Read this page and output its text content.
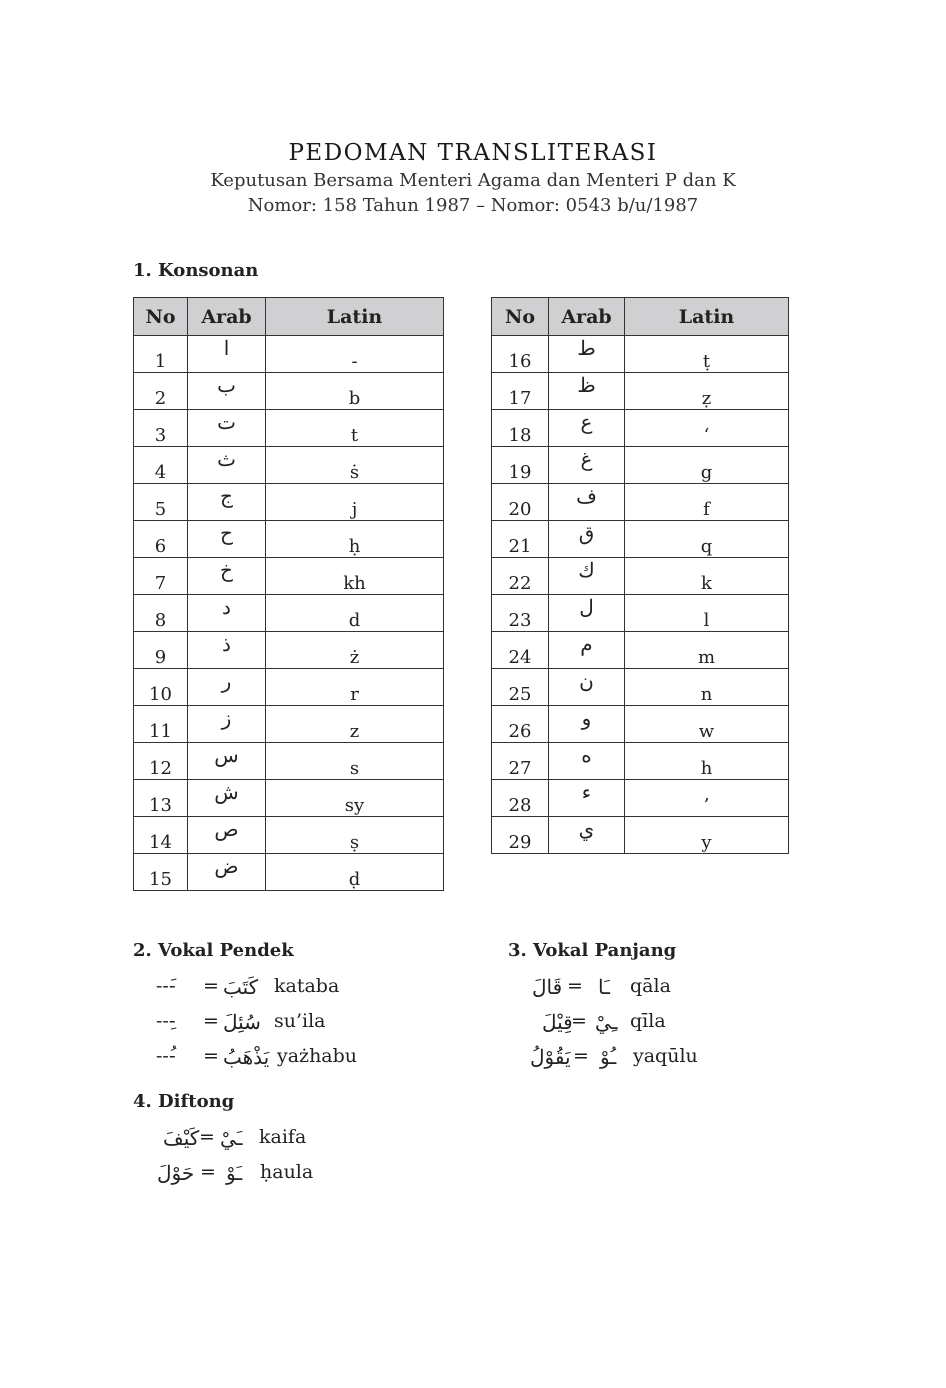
PEDOMAN TRANSLITERASI
Keputusan Bersama Menteri Agama dan Menteri P dan K
Nomor: 158 Tahun 1987 – Nomor: 0543 b/u/1987
1. Konsonan
No	Arab	Latin
1	ا	-
2	ب	b
3	ت	t
4	ث	ṡ
5	ج	j
6	ح	ḥ
7	خ	kh
8	د	d
9	ذ	ż
10	ر	r
11	ز	z
12	س	s
13	ش	sy
14	ص	ṣ
15	ض	ḍ
No	Arab	Latin
16	ط	ṭ
17	ظ	ẓ
18	ع	‘
19	غ	g
20	ف	f
21	ق	q
22	ك	k
23	ل	l
24	م	m
25	ن	n
26	و	w
27	ه	h
28	ء	’
29	ي	y
2. Vokal Pendek
---َ = كَتَبَ kataba
---ِ = سُئِلَ su’ila
---ُ = يَذْهَبُ yażhabu
3. Vokal Panjang
قَالَ = ـَا qāla
قِيْلَ
= ـِيْ qīla
يَقُوْلُ = ـُوْ yaqūlu
4. Diftong
كَيْفَ = ـَيْ kaifa
حَوْلَ = ـَوْ ḥaula
